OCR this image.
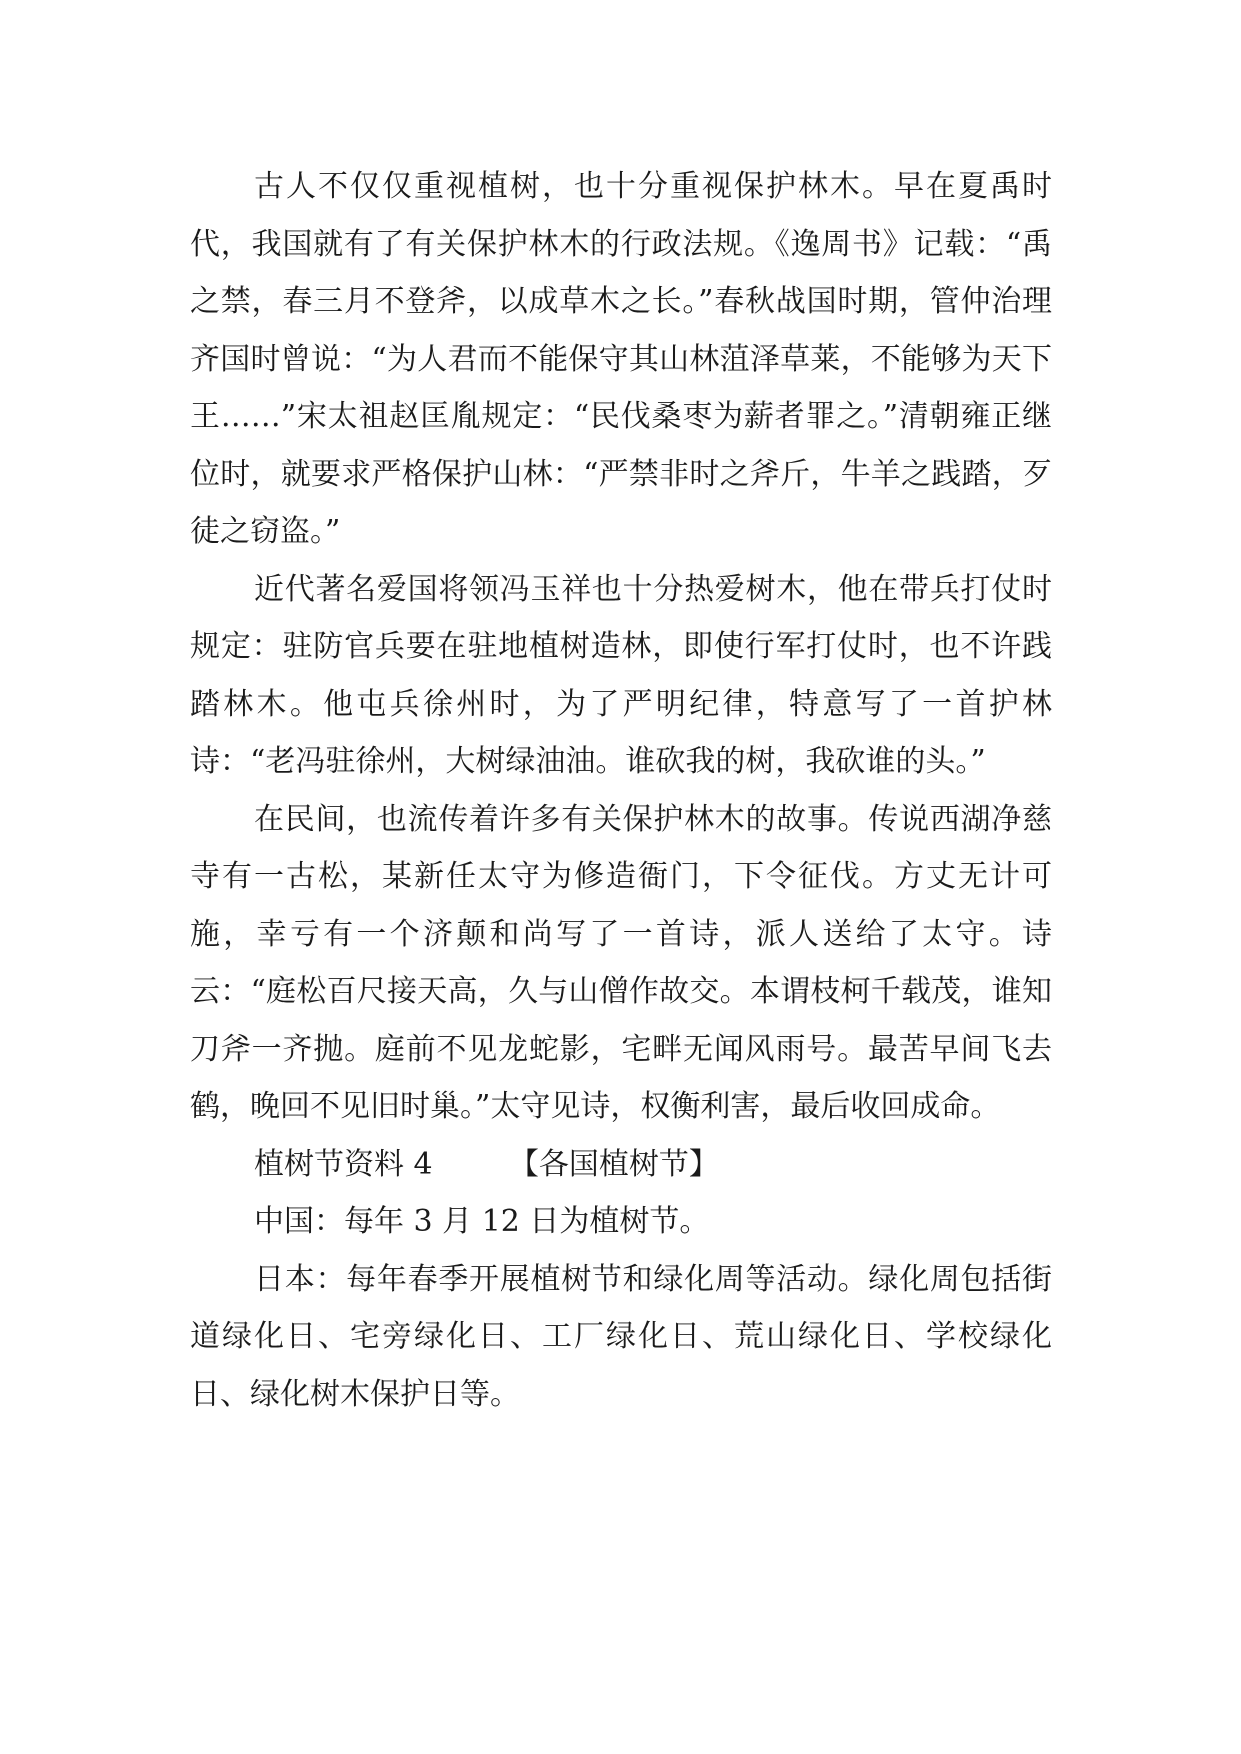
古人不仅仅重视植树，也十分重视保护林木。早在夏禹时代，我国就有了有关保护林木的行政法规。《逸周书》记载：“禹之禁，春三月不登斧，以成草木之长。”春秋战国时期，管仲治理齐国时曾说：“为人君而不能保守其山林菹泽草莱，不能够为天下王……”宋太祖赵匡胤规定：“民伐桑枣为薪者罪之。”清朝雍正继位时，就要求严格保护山林：“严禁非时之斧斤，牛羊之践踏，歹徒之窃盗。”

近代著名爱国将领冯玉祥也十分热爱树木，他在带兵打仗时规定：驻防官兵要在驻地植树造林，即使行军打仗时，也不许践踏林木。他屯兵徐州时，为了严明纪律，特意写了一首护林诗：“老冯驻徐州，大树绿油油。谁砍我的树，我砍谁的头。”

在民间，也流传着许多有关保护林木的故事。传说西湖净慈寺有一古松，某新任太守为修造衙门，下令征伐。方丈无计可施，幸亏有一个济颠和尚写了一首诗，派人送给了太守。诗云：“庭松百尺接天高，久与山僧作故交。本谓枝柯千载茂，谁知刀斧一齐抛。庭前不见龙蛇影，宅畔无闻风雨号。最苦早间飞去鹤，晚回不见旧时巢。”太守见诗，权衡利害，最后收回成命。

植树节资料 4	【各国植树节】

中国：每年 3 月 12 日为植树节。

日本：每年春季开展植树节和绿化周等活动。绿化周包括街道绿化日、宅旁绿化日、工厂绿化日、荒山绿化日、学校绿化日、绿化树木保护日等。
